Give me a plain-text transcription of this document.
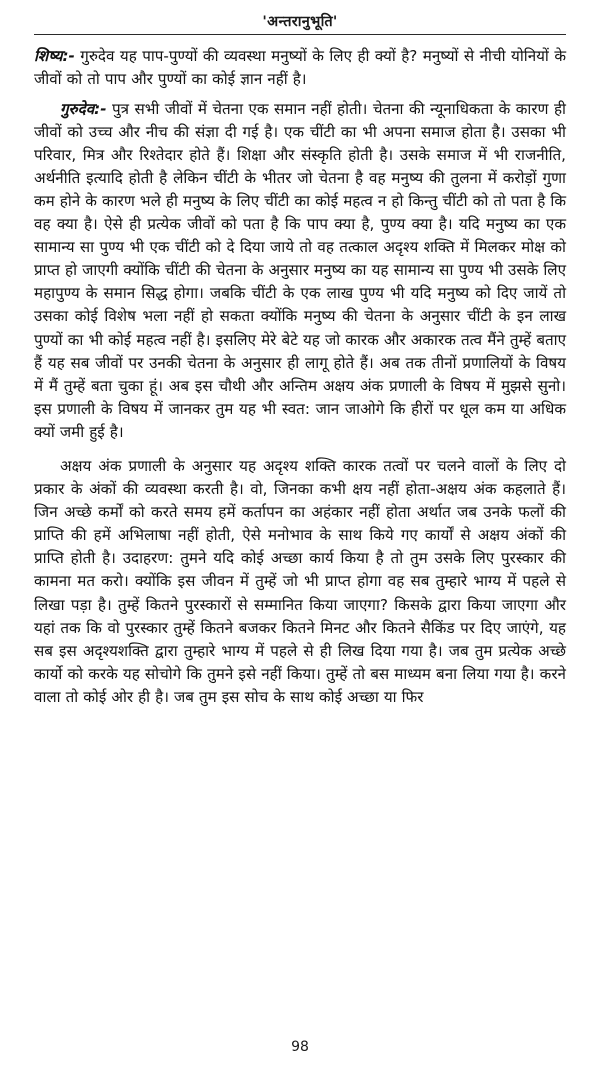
'अन्तरानुभूति'

शिष्य:- गुरुदेव यह पाप-पुण्यों की व्यवस्था मनुष्यों के लिए ही क्यों है? मनुष्यों से नीची योनियों के जीवों को तो पाप और पुण्यों का कोई ज्ञान नहीं है।

गुरुदेव:- पुत्र सभी जीवों में चेतना एक समान नहीं होती। चेतना की न्यूनाधिकता के कारण ही जीवों को उच्च और नीच की संज्ञा दी गई है। एक चींटी का भी अपना समाज होता है। उसका भी परिवार, मित्र और रिश्तेदार होते हैं। शिक्षा और संस्कृति होती है। उसके समाज में भी राजनीति, अर्थनीति इत्यादि होती है लेकिन चींटी के भीतर जो चेतना है वह मनुष्य की तुलना में करोड़ों गुणा कम होने के कारण भले ही मनुष्य के लिए चींटी का कोई महत्व न हो किन्तु चींटी को तो पता है कि वह क्या है। ऐसे ही प्रत्येक जीवों को पता है कि पाप क्या है, पुण्य क्या है। यदि मनुष्य का एक सामान्य सा पुण्य भी एक चींटी को दे दिया जाये तो वह तत्काल अदृश्य शक्ति में मिलकर मोक्ष को प्राप्त हो जाएगी क्योंकि चींटी की चेतना के अनुसार मनुष्य का यह सामान्य सा पुण्य भी उसके लिए महापुण्य के समान सिद्ध होगा। जबकि चींटी के एक लाख पुण्य भी यदि मनुष्य को दिए जायें तो उसका कोई विशेष भला नहीं हो सकता क्योंकि मनुष्य की चेतना के अनुसार चींटी के इन लाख पुण्यों का भी कोई महत्व नहीं है। इसलिए मेरे बेटे यह जो कारक और अकारक तत्व मैंने तुम्हें बताए हैं यह सब जीवों पर उनकी चेतना के अनुसार ही लागू होते हैं। अब तक तीनों प्रणालियों के विषय में मैं तुम्हें बता चुका हूं। अब इस चौथी और अन्तिम अक्षय अंक प्रणाली के विषय में मुझसे सुनो। इस प्रणाली के विषय में जानकर तुम यह भी स्वत: जान जाओगे कि हीरों पर धूल कम या अधिक क्यों जमी हुई है।

अक्षय अंक प्रणाली के अनुसार यह अदृश्य शक्ति कारक तत्वों पर चलने वालों के लिए दो प्रकार के अंकों की व्यवस्था करती है। वो, जिनका कभी क्षय नहीं होता-अक्षय अंक कहलाते हैं। जिन अच्छे कर्मों को करते समय हमें कर्तापन का अहंकार नहीं होता अर्थात जब उनके फलों की प्राप्ति की हमें अभिलाषा नहीं होती, ऐसे मनोभाव के साथ किये गए कार्यों से अक्षय अंकों की प्राप्ति होती है। उदाहरण: तुमने यदि कोई अच्छा कार्य किया है तो तुम उसके लिए पुरस्कार की कामना मत करो। क्योंकि इस जीवन में तुम्हें जो भी प्राप्त होगा वह सब तुम्हारे भाग्य में पहले से लिखा पड़ा है। तुम्हें कितने पुरस्कारों से सम्मानित किया जाएगा? किसके द्वारा किया जाएगा और यहां तक कि वो पुरस्कार तुम्हें कितने बजकर कितने मिनट और कितने सैकिंड पर दिए जाएंगे, यह सब इस अदृश्यशक्ति द्वारा तुम्हारे भाग्य में पहले से ही लिख दिया गया है। जब तुम प्रत्येक अच्छे कार्यो को करके यह सोचोगे कि तुमने इसे नहीं किया। तुम्हें तो बस माध्यम बना लिया गया है। करने वाला तो कोई ओर ही है। जब तुम इस सोच के साथ कोई अच्छा या फिर

98
